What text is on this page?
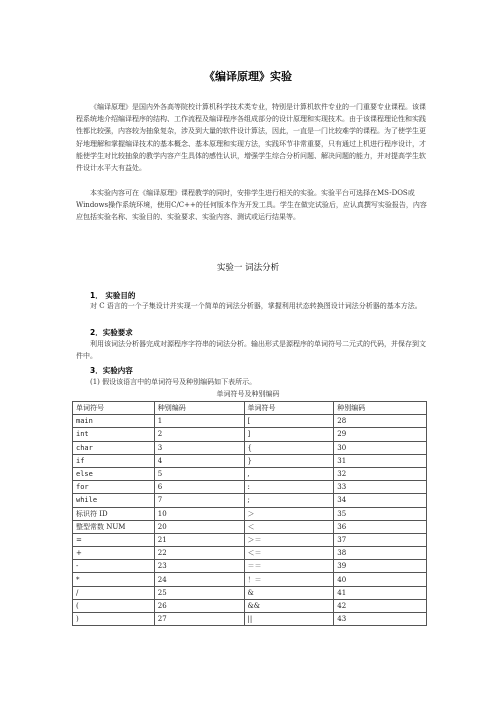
《编译原理》实验

《编译原理》是国内外各高等院校计算机科学技术类专业，特别是计算机软件专业的一门重要专业课程。该课程系统地介绍编译程序的结构、工作流程及编译程序各组成部分的设计原理和实现技术。由于该课程理论性和实践性都比较强，内容较为抽象复杂，涉及到大量的软件设计算法，因此，一直是一门比较难学的课程。为了使学生更好地理解和掌握编译技术的基本概念、基本原理和实现方法，实践环节非常重要，只有通过上机进行程序设计，才能使学生对比较抽象的教学内容产生具体的感性认识，增强学生综合分析问题、解决问题的能力，并对提高学生软件设计水平大有益处。

本实验内容可在《编译原理》课程教学的同时，安排学生进行相关的实验。实验平台可选择在MS-DOS或Windows操作系统环境，使用C/C++的任何版本作为开发工具。学生在做完试验后，应认真撰写实验报告，内容应包括实验名称、实验目的、实验要求、实验内容、测试或运行结果等。

实验一 词法分析
1． 实验目的

对 C 语言的一个子集设计并实现一个简单的词法分析器，掌握利用状态转换图设计词法分析器的基本方法。

2．实验要求

利用该词法分析器完成对源程序字符串的词法分析。输出形式是源程序的单词符号二元式的代码，并保存到文件中。

3．实验内容

(1) 假设该语言中的单词符号及种别编码如下表所示。

单词符号及种别编码
单词符号	种别编码	单词符号	种别编码
main	1	[	28
int	2	]	29
char	3	{	30
if	4	}	31
else	5	,	32
for	6	:	33
while	7	;	34
标识符 ID	10	＞	35
整型常数 NUM	20	＜	36
=	21	＞＝	37
+	22	＜＝	38
-	23	＝＝	39
*	24	！＝	40
/	25	&	41
(	26	&&	42
)	27	||	43
